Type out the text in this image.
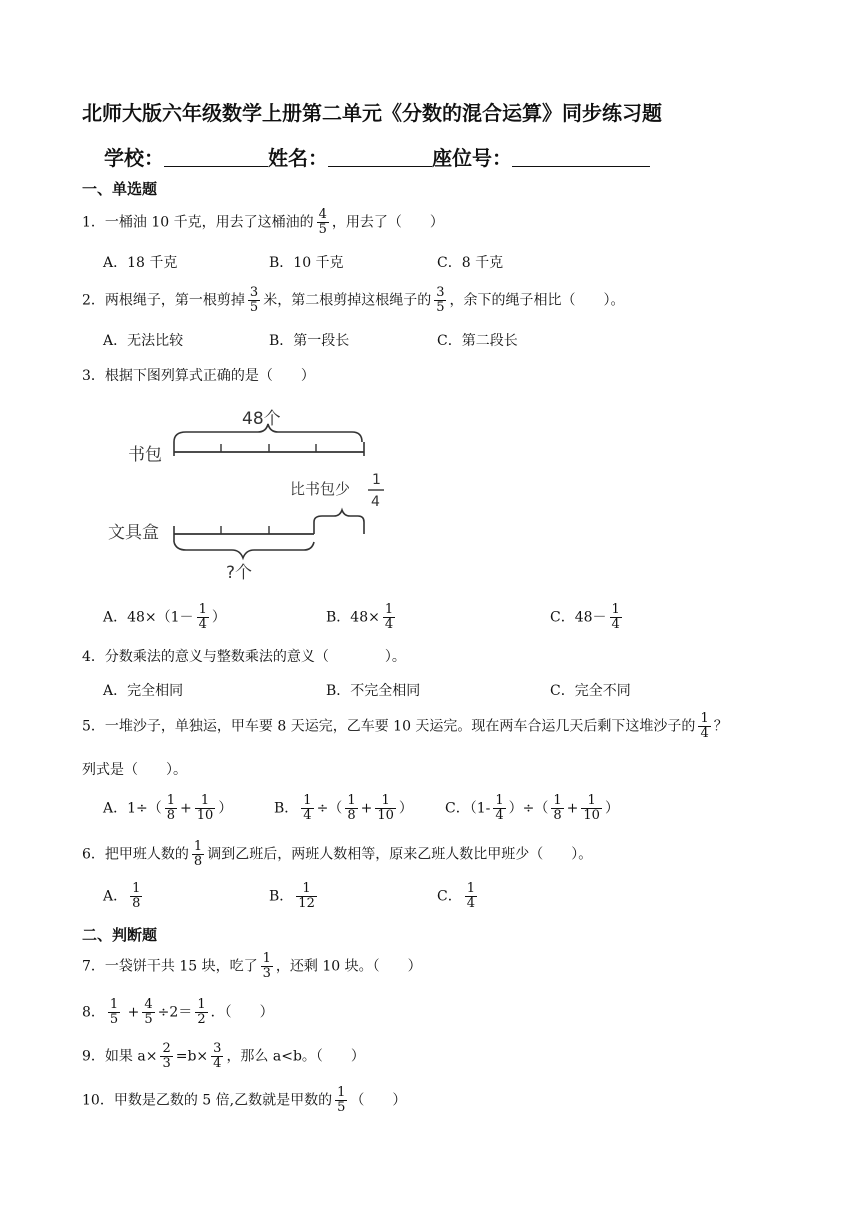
北师大版六年级数学上册第二单元《分数的混合运算》同步练习题
学校：	姓名：	座位号：
一、单选题
1．一桶油 10 千克，用去了这桶油的 $\frac{4}{5}$ ，用去了（　　）
A．18 千克	B．10 千克	C．8 千克
2．两根绳子，第一根剪掉 $\frac{3}{5}$ 米，第二根剪掉这根绳子的 $\frac{3}{5}$ ，余下的绳子相比（　　）。
A．无法比较	B．第一段长	C．第二段长
3．根据下图列算式正确的是（　　）
48个
书包
比书包少 1
4
文具盒
?个
A．$48\times(1- \frac{1}{4}$ ）	B．$48\times \frac{1}{4}$	C．$48- \frac{1}{4}$
4．分数乘法的意义与整数乘法的意义（　　　　）。
A．完全相同	B．不完全相同	C．完全不同
5．一堆沙子，单独运，甲车要 8 天运完，乙车要 10 天运完。现在两车合运几天后剩下这堆沙子的 $\frac{1}{4}$ ？
列式是（　　）。
A．$1\div( \frac{1}{8} + \frac{1}{10}$ ）	B． $\frac{1}{4}$ ÷（ $\frac{1}{8} + \frac{1}{10}$ ） C．（$1- \frac{1}{4}$ ）÷（ $\frac{1}{8} + \frac{1}{10}$ ）
6．把甲班人数的 $\frac{1}{8}$ 调到乙班后，两班人数相等，原来乙班人数比甲班少（　　）。
A． $\frac{1}{8}$	B． $\frac{1}{12}$	C． $\frac{1}{4}$
二、判断题
7．一袋饼干共 15 块，吃了 $\frac{1}{3}$ ，还剩 10 块。（　　）
8． $\frac{1}{5} + \frac{4}{5} \div 2= \frac{1}{2}$ ．（　　）
9．如果 $a\times \frac{2}{3} =b\times \frac{3}{4}$ ，那么 a<b。（　　）
10．甲数是乙数的 5 倍,乙数就是甲数的 $\frac{1}{5}$ （　　）
